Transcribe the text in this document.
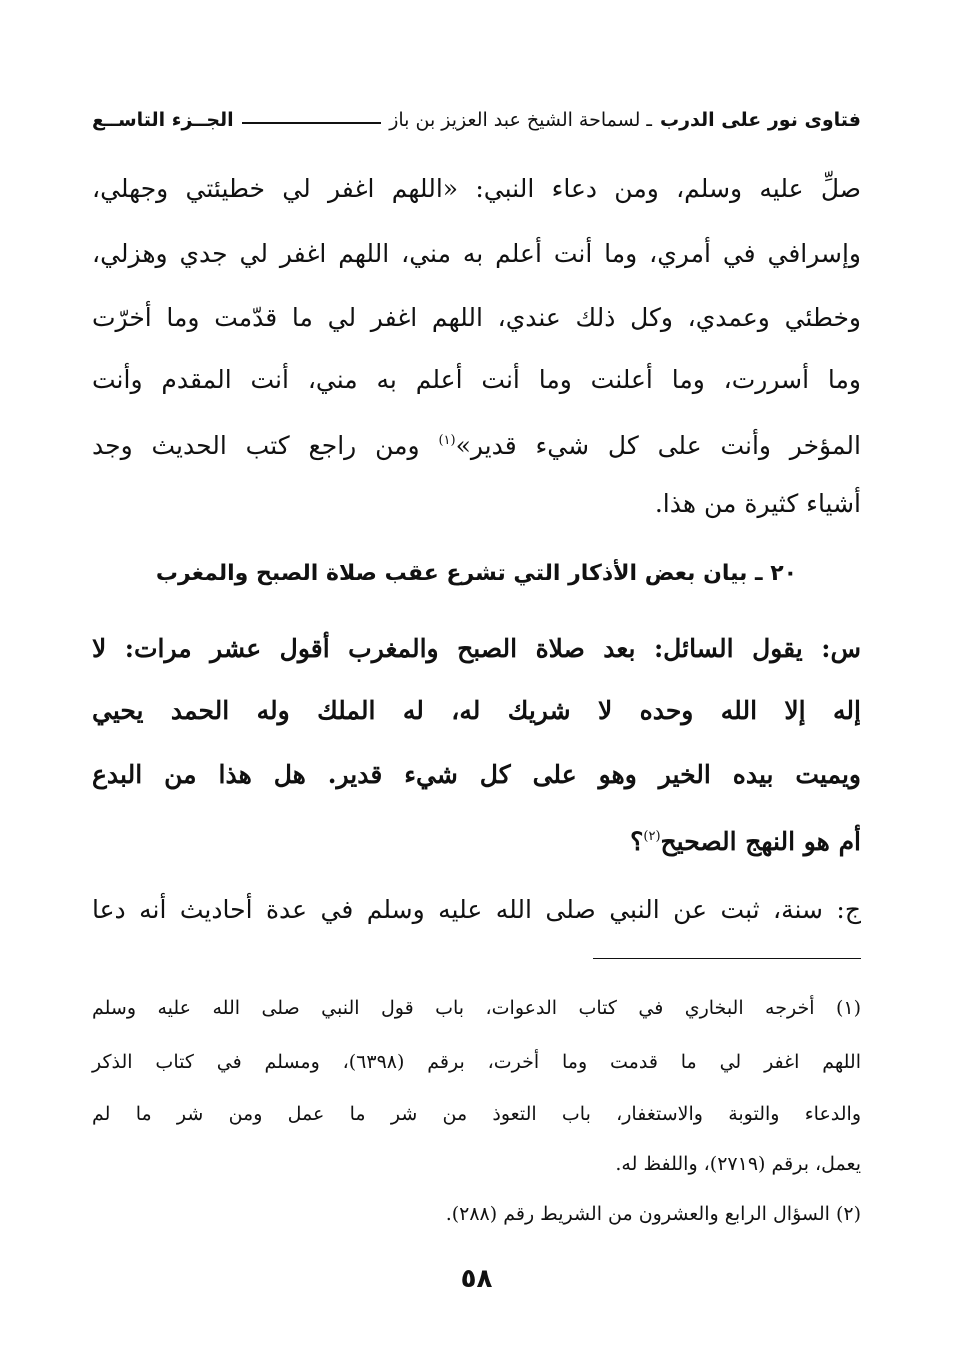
فتاوى نور على الدرب
ـ لسماحة الشيخ عبد العزيز بن باز
الجــزء التاســع
صلِّ عليه وسلم، ومن دعاء النبي: «اللهم اغفر لي خطيئتي وجهلي،
وإسرافي في أمري، وما أنت أعلم به مني، اللهم اغفر لي جدي وهزلي،
وخطئي وعمدي، وكل ذلك عندي، اللهم اغفر لي ما قدّمت وما أخرّت
وما أسررت، وما أعلنت وما أنت أعلم به مني، أنت المقدم وأنت
المؤخر وأنت على كل شيء قدير»$^{(١)}$ ومن راجع كتب الحديث وجد
أشياء كثيرة من هذا.
٢٠ ـ بيان بعض الأذكار التي تشرع عقب صلاة الصبح والمغرب
س: يقول السائل: بعد صلاة الصبح والمغرب أقول عشر مرات: لا
إله إلا الله وحده لا شريك له، له الملك وله الحمد يحيي
ويميت بيده الخير وهو على كل شيء قدير. هل هذا من البدع
أم هو النهج الصحيح$^{(٢)}$؟
ج: سنة، ثبت عن النبي صلى الله عليه وسلم في عدة أحاديث أنه دعا
(١) أخرجه البخاري في كتاب الدعوات، باب قول النبي صلى الله عليه وسلم
اللهم اغفر لي ما قدمت وما أخرت، برقم (٦٣٩٨)، ومسلم في كتاب الذكر
والدعاء والتوبة والاستغفار، باب التعوذ من شر ما عمل ومن شر ما لم
يعمل، برقم (٢٧١٩)، واللفظ له.
(٢) السؤال الرابع والعشرون من الشريط رقم (٢٨٨).
٥٨
